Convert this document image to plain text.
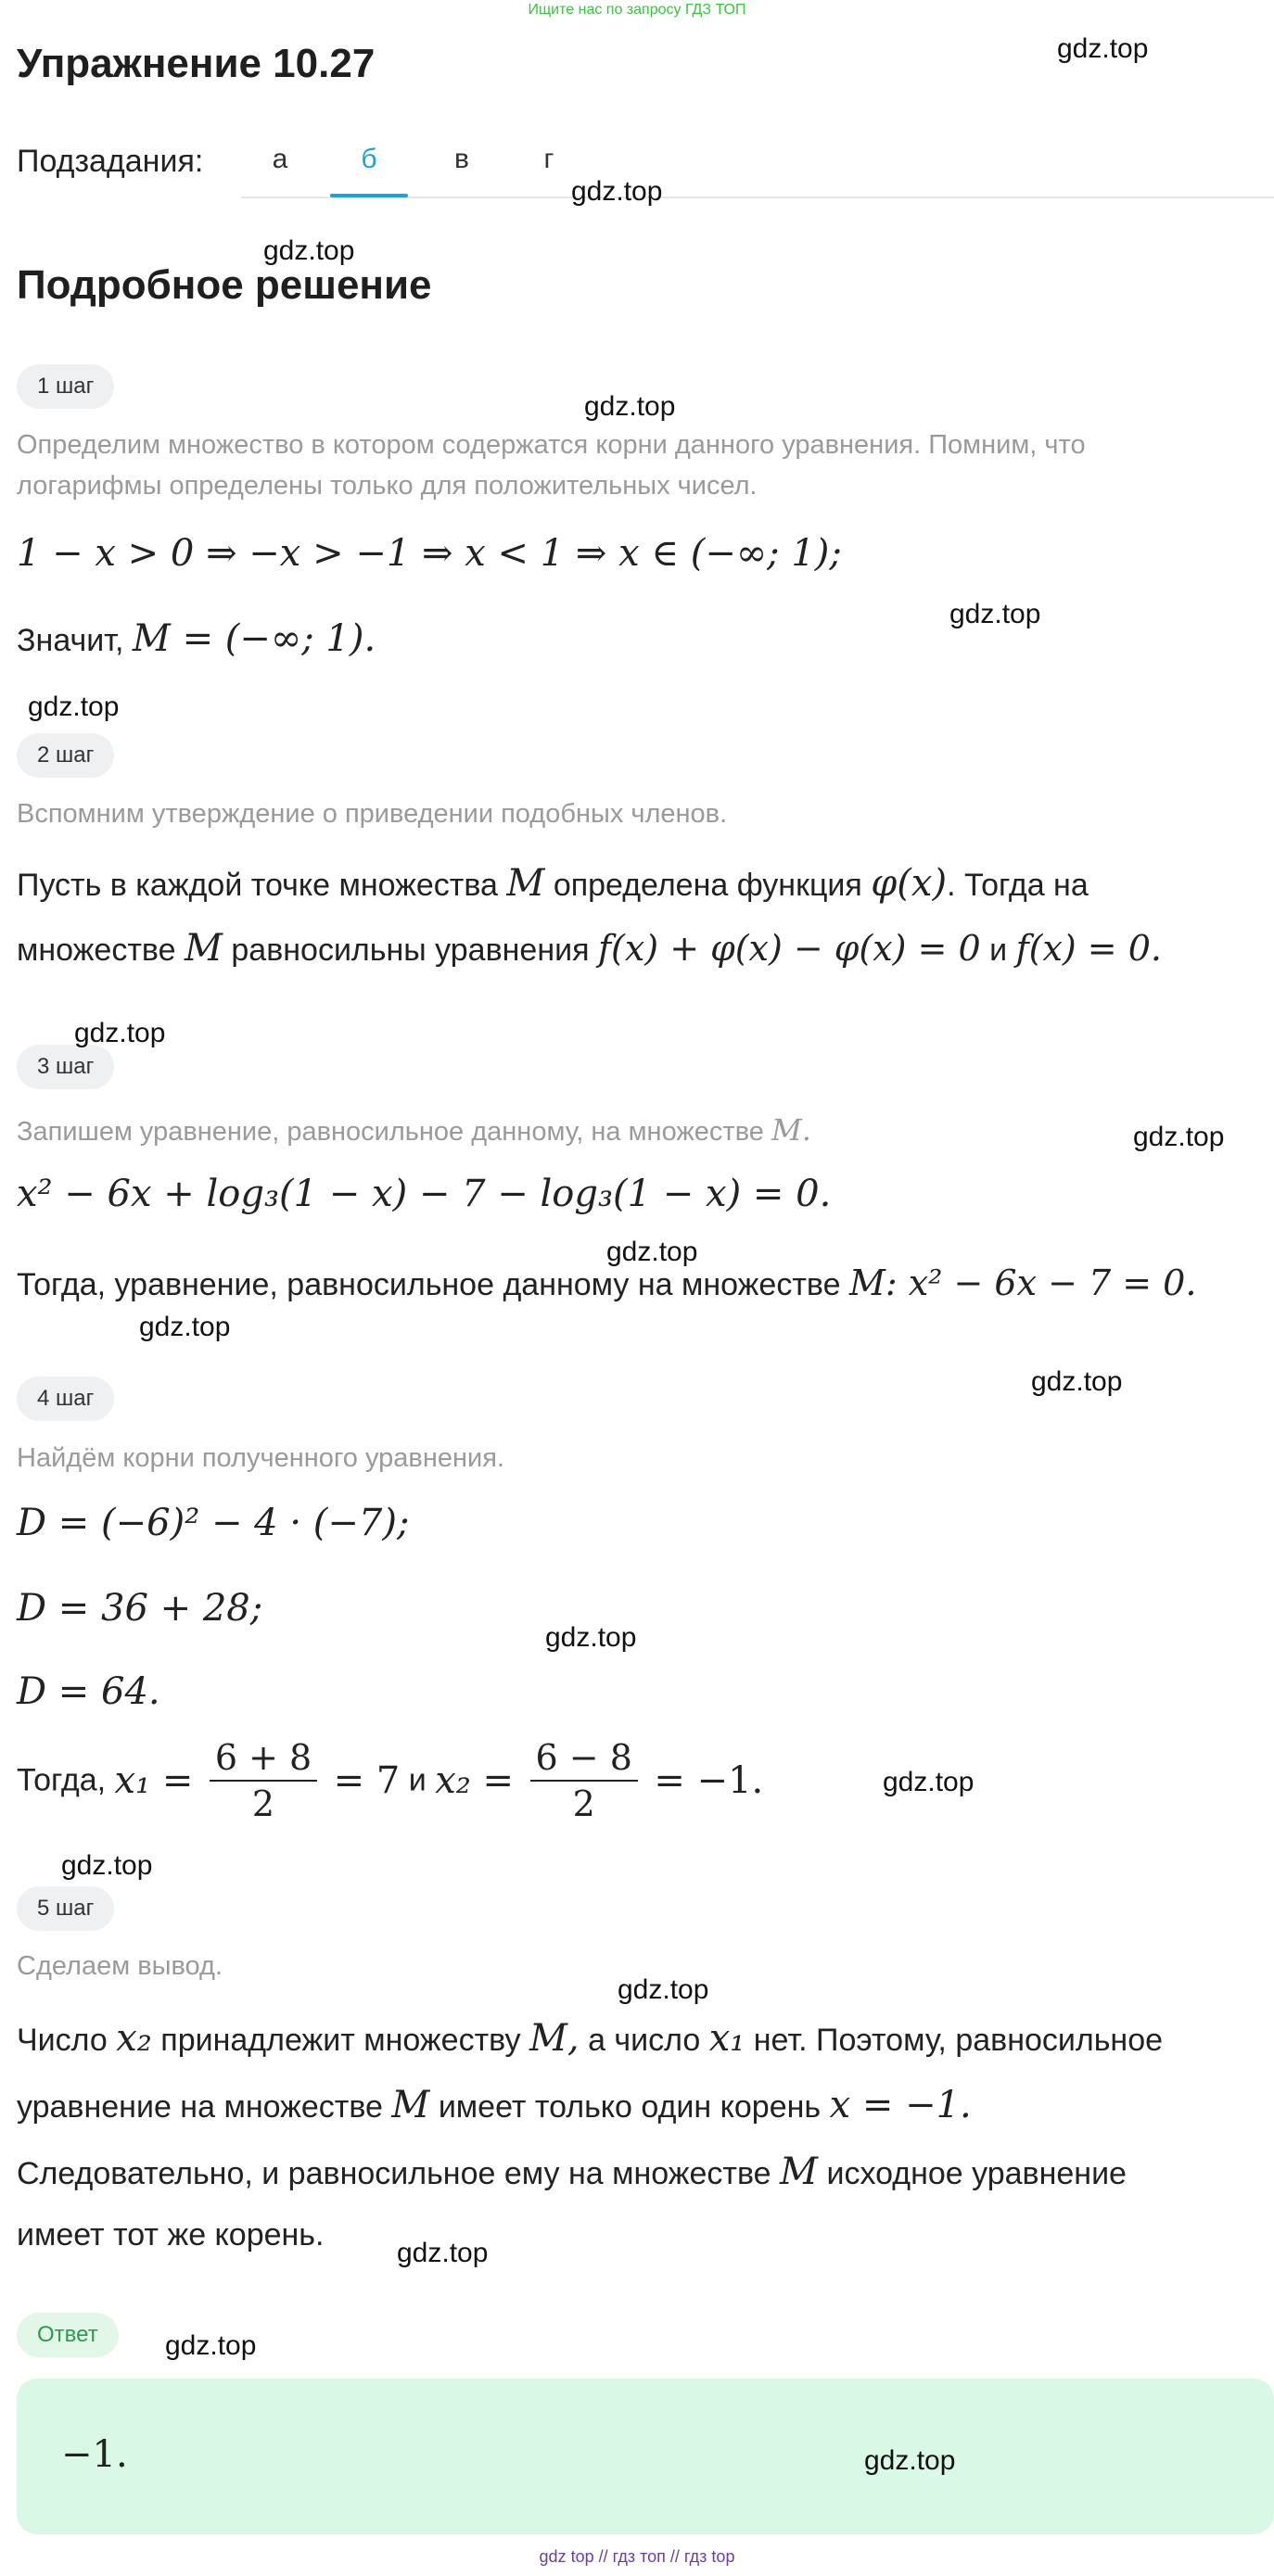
Ищите нас по запросу ГДЗ ТОП
Упражнение 10.27
Подзадания:	а	б	в	г
Подробное решение
1 шаг
Определим множество в котором содержатся корни данного уравнения. Помним, что
логарифмы определены только для положительных чисел.
1 − x > 0 ⇒ −x > −1 ⇒ x < 1 ⇒ x ∈ (−∞; 1);
Значит, M = (−∞; 1).
2 шаг
Вспомним утверждение о приведении подобных членов.
Пусть в каждой точке множества M определена функция φ(x). Тогда на
множестве M равносильны уравнения f(x) + φ(x) − φ(x) = 0 и f(x) = 0.
3 шаг
Запишем уравнение, равносильное данному, на множестве M.
x² − 6x + log₃(1 − x) − 7 − log₃(1 − x) = 0.
Тогда, уравнение, равносильное данному на множестве M: x² − 6x − 7 = 0.
4 шаг
Найдём корни полученного уравнения.
D = (−6)² − 4 · (−7);
D = 36 + 28;
D = 64.
Тогда, $x_1 = \frac{6 + 8}{2} = 7$ и $x_2 = \frac{6 - 8}{2} = -1$.
5 шаг
Сделаем вывод.
Число x₂ принадлежит множеству M, а число x₁ нет. Поэтому, равносильное
уравнение на множестве M имеет только один корень x = −1.
Следовательно, и равносильное ему на множестве M исходное уравнение
имеет тот же корень.
Ответ
−1.
gdz.top
gdz.top
gdz.top
gdz.top
gdz.top
gdz.top
gdz.top
gdz.top
gdz.top
gdz.top
gdz.top
gdz.top
gdz.top
gdz.top
gdz.top
gdz.top
gdz.top
gdz.top
gdz top // гдз топ // гдз top
